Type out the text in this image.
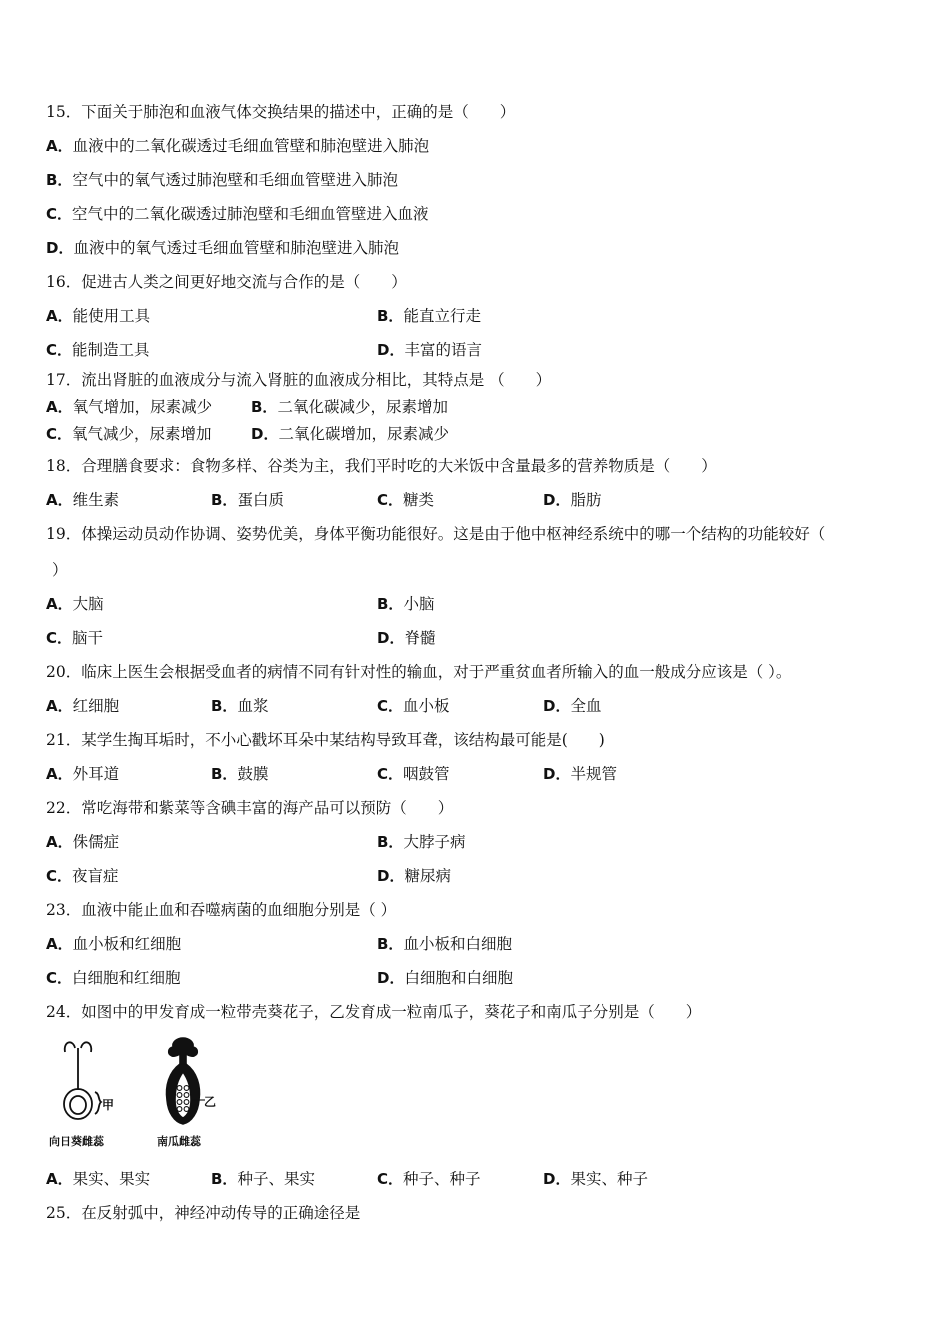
15．下面关于肺泡和血液气体交换结果的描述中，正确的是（　　）
A．血液中的二氧化碳透过毛细血管壁和肺泡壁进入肺泡
B．空气中的氧气透过肺泡壁和毛细血管壁进入肺泡
C．空气中的二氧化碳透过肺泡壁和毛细血管壁进入血液
D．血液中的氧气透过毛细血管壁和肺泡壁进入肺泡
16．促进古人类之间更好地交流与合作的是（　　）
A．能使用工具	B．能直立行走
C．能制造工具	D．丰富的语言
17．流出肾脏的血液成分与流入肾脏的血液成分相比，其特点是 （　　）
A．氧气增加，尿素减少	B．二氧化碳减少，尿素增加
C．氧气减少，尿素增加	D．二氧化碳增加，尿素减少
18．合理膳食要求：食物多样、谷类为主，我们平时吃的大米饭中含量最多的营养物质是（　　）
A．维生素	B．蛋白质	C．糖类	D．脂肪
19．体操运动员动作协调、姿势优美，身体平衡功能很好。这是由于他中枢神经系统中的哪一个结构的功能较好（
）
A．大脑	B．小脑
C．脑干	D．脊髓
20．临床上医生会根据受血者的病情不同有针对性的输血，对于严重贫血者所输入的血一般成分应该是（ ）。
A．红细胞	B．血浆	C．血小板	D．全血
21．某学生掏耳垢时，不小心戳坏耳朵中某结构导致耳聋，该结构最可能是(　　)
A．外耳道	B．鼓膜	C．咽鼓管	D．半规管
22．常吃海带和紫菜等含碘丰富的海产品可以预防（　　）
A．侏儒症	B．大脖子病
C．夜盲症	D．糖尿病
23．血液中能止血和吞噬病菌的血细胞分别是（ ）
A．血小板和红细胞	B．血小板和白细胞
C．白细胞和红细胞	D．白细胞和白细胞
24．如图中的甲发育成一粒带壳葵花子，乙发育成一粒南瓜子，葵花子和南瓜子分别是（　　）
甲
向日葵雌蕊
乙
南瓜雌蕊
A．果实、果实	B．种子、果实	C．种子、种子	D．果实、种子
25．在反射弧中，神经冲动传导的正确途径是
